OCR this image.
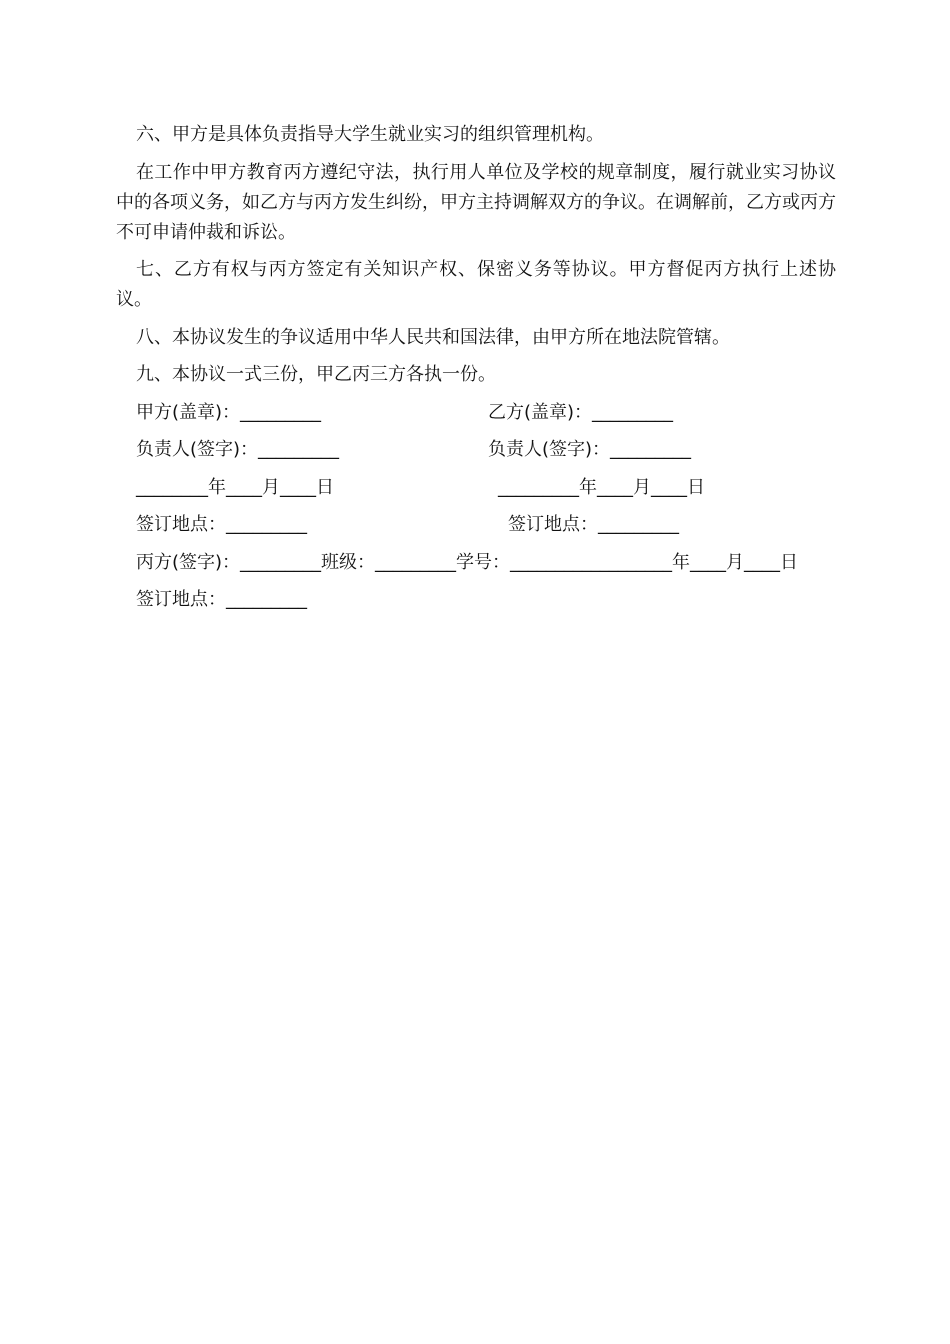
六、甲方是具体负责指导大学生就业实习的组织管理机构。

在工作中甲方教育丙方遵纪守法，执行用人单位及学校的规章制度，履行就业实习协议中的各项义务，如乙方与丙方发生纠纷，甲方主持调解双方的争议。在调解前，乙方或丙方不可申请仲裁和诉讼。

七、乙方有权与丙方签定有关知识产权、保密义务等协议。甲方督促丙方执行上述协议。

八、本协议发生的争议适用中华人民共和国法律，由甲方所在地法院管辖。

九、本协议一式三份，甲乙丙三方各执一份。

甲方(盖章)：_________	乙方(盖章)：_________
负责人(签字)：_________	负责人(签字)：_________
________年____月____日	_________年____月____日
签订地点：_________	签订地点：_________

丙方(签字)：_________班级：_________学号：__________________年____月____日

签订地点：_________
